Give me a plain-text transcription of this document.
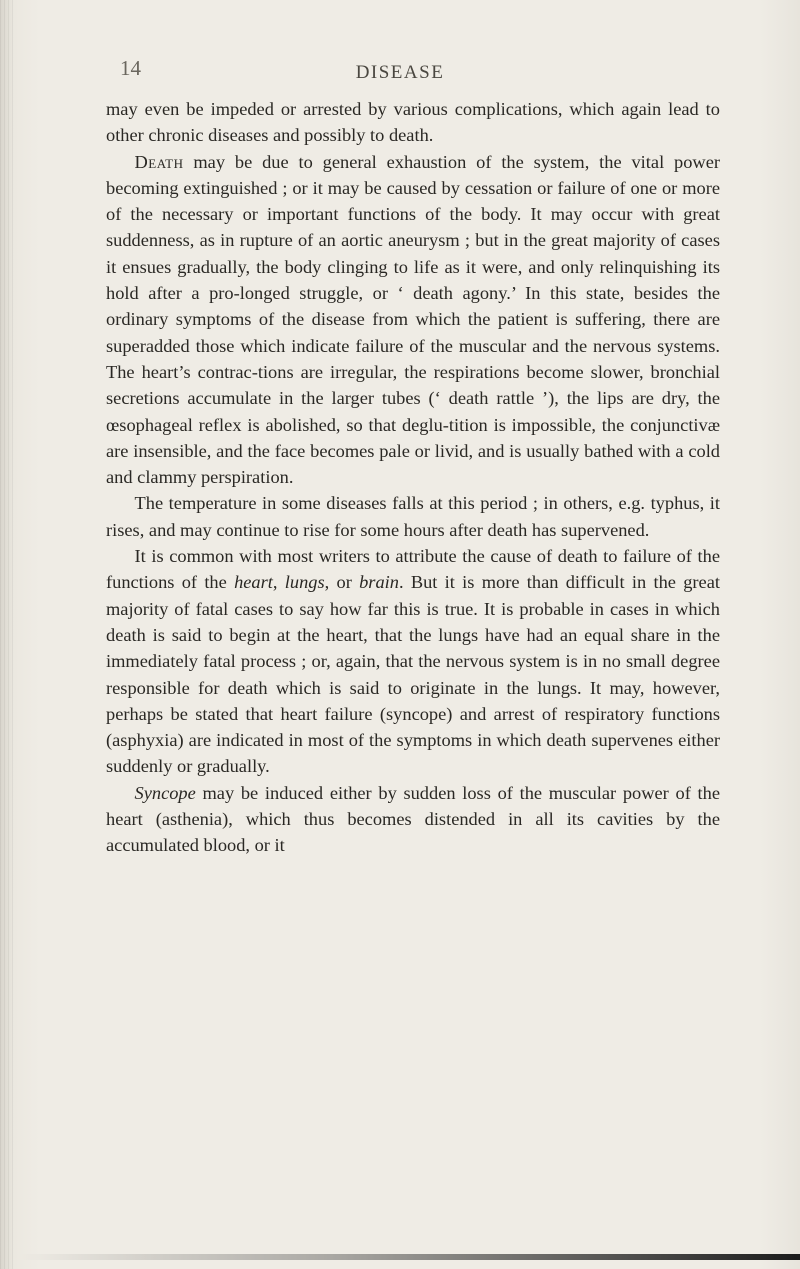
14	DISEASE

may even be impeded or arrested by various complications, which again lead to other chronic diseases and possibly to death.

Death may be due to general exhaustion of the system, the vital power becoming extinguished ; or it may be caused by cessation or failure of one or more of the necessary or important functions of the body. It may occur with great suddenness, as in rupture of an aortic aneurysm ; but in the great majority of cases it ensues gradually, the body clinging to life as it were, and only relinquishing its hold after a pro-longed struggle, or ‘ death agony.’ In this state, besides the ordinary symptoms of the disease from which the patient is suffering, there are superadded those which indicate failure of the muscular and the nervous systems. The heart’s contrac-tions are irregular, the respirations become slower, bronchial secretions accumulate in the larger tubes (‘ death rattle ’), the lips are dry, the œsophageal reflex is abolished, so that deglu-tition is impossible, the conjunctivæ are insensible, and the face becomes pale or livid, and is usually bathed with a cold and clammy perspiration.

The temperature in some diseases falls at this period ; in others, e.g. typhus, it rises, and may continue to rise for some hours after death has supervened.

It is common with most writers to attribute the cause of death to failure of the functions of the heart, lungs, or brain. But it is more than difficult in the great majority of fatal cases to say how far this is true. It is probable in cases in which death is said to begin at the heart, that the lungs have had an equal share in the immediately fatal process ; or, again, that the nervous system is in no small degree responsible for death which is said to originate in the lungs. It may, however, perhaps be stated that heart failure (syncope) and arrest of respiratory functions (asphyxia) are indicated in most of the symptoms in which death supervenes either suddenly or gradually.

Syncope may be induced either by sudden loss of the muscular power of the heart (asthenia), which thus becomes distended in all its cavities by the accumulated blood, or it
